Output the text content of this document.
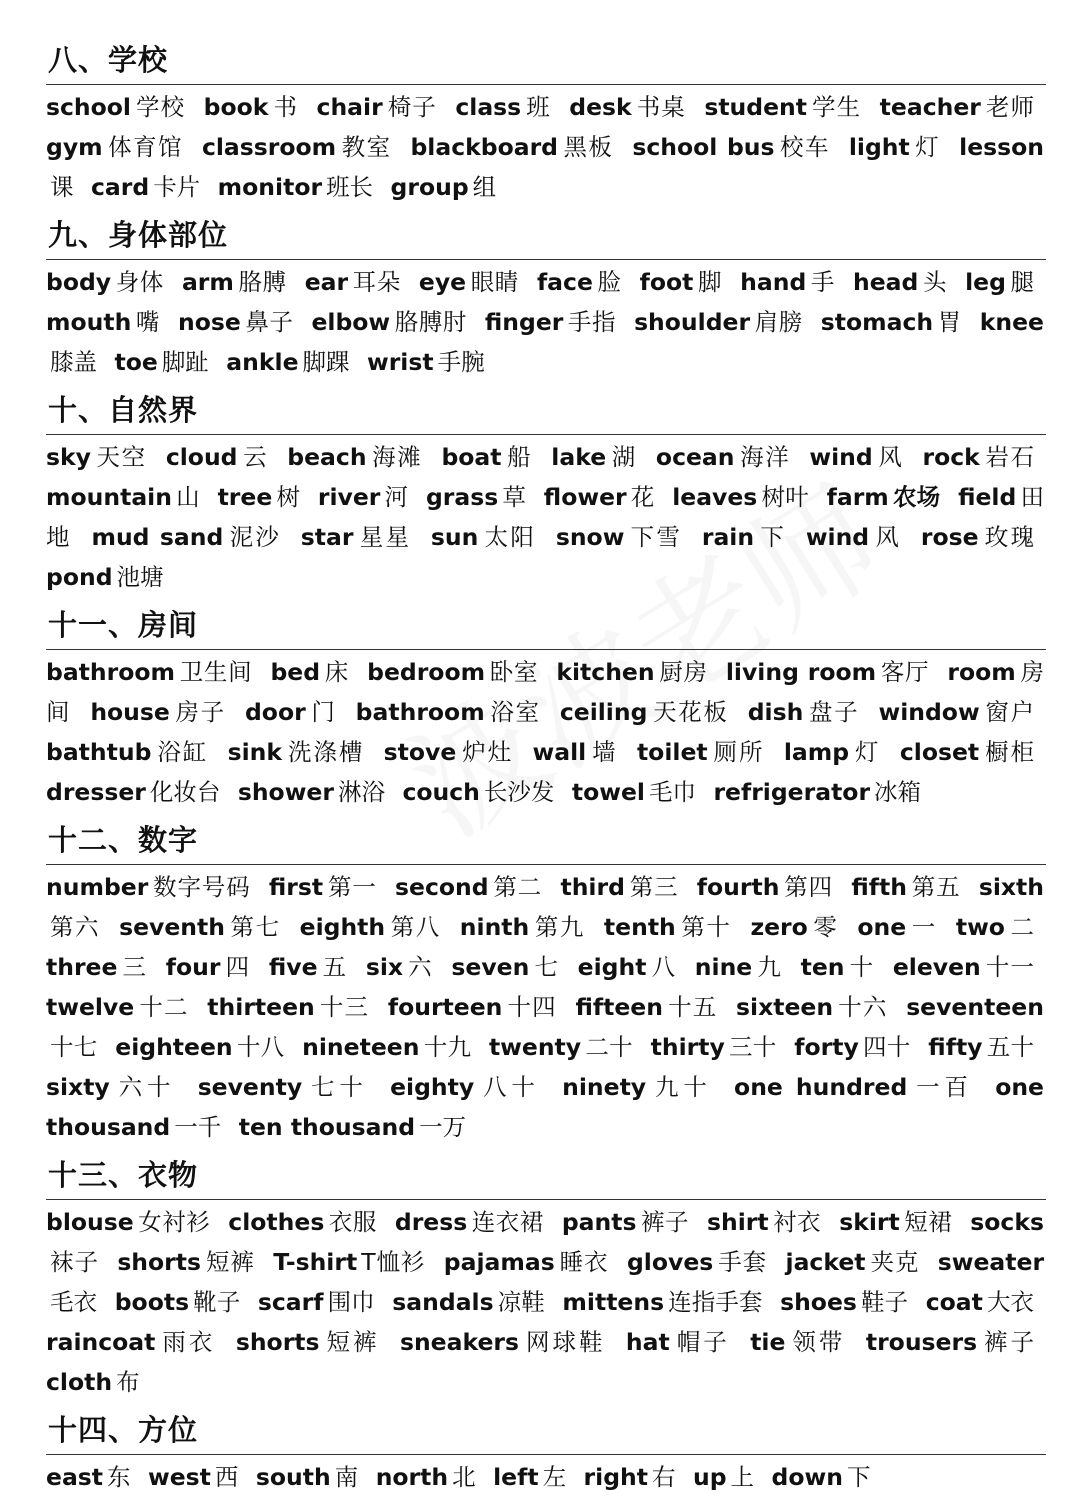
八、学校
school 学校 book 书 chair 椅子 class 班 desk 书桌 student 学生 teacher 老师 gym 体育馆 classroom 教室 blackboard 黑板 school bus 校车 light 灯 lesson课 card 卡片 monitor 班长 group 组
九、身体部位
body 身体 arm 胳膊 ear 耳朵 eye 眼睛 face 脸 foot 脚 hand 手 head 头 leg 腿 mouth 嘴 nose 鼻子 elbow 胳膊肘 finger 手指 shoulder 肩膀 stomach 胃 knee膝盖 toe 脚趾 ankle 脚踝 wrist 手腕
十、自然界
sky 天空 cloud 云 beach 海滩 boat 船 lake 湖 ocean 海洋 wind 风 rock 岩石 mountain 山 tree 树 river 河 grass 草 flower 花 leaves 树叶 farm 农场 field 田地 mud sand 泥沙 star 星星 sun 太阳 snow 下雪 rain 下 wind 风 rose 玫瑰 pond 池塘
十一、房间
bathroom 卫生间 bed 床 bedroom 卧室 kitchen 厨房 living room 客厅 room 房间 house 房子 door 门 bathroom 浴室 ceiling 天花板 dish 盘子 window 窗户 bathtub 浴缸 sink 洗涤槽 stove 炉灶 wall 墙 toilet 厕所 lamp 灯 closet 橱柜 dresser 化妆台 shower 淋浴 couch 长沙发 towel 毛巾 refrigerator 冰箱
十二、数字
number 数字号码 first 第一 second 第二 third 第三 fourth 第四 fifth 第五 sixth第六 seventh 第七 eighth 第八 ninth 第九 tenth 第十 zero 零 one 一 two 二 three 三 four 四 five 五 six 六 seven 七 eight 八 nine 九 ten 十 eleven 十一 twelve 十二 thirteen 十三 fourteen 十四 fifteen 十五 sixteen 十六 seventeen十七 eighteen 十八 nineteen 十九 twenty 二十 thirty 三十 forty 四十 fifty 五十 sixty 六十 seventy 七十 eighty 八十 ninety 九十 one hundred 一百 one thousand 一千 ten thousand 一万
十三、衣物
blouse 女衬衫 clothes 衣服 dress 连衣裙 pants 裤子 shirt 衬衣 skirt 短裙 socks袜子 shorts 短裤 T-shirt T恤衫 pajamas 睡衣 gloves 手套 jacket 夹克 sweater毛衣 boots 靴子 scarf 围巾 sandals 凉鞋 mittens 连指手套 shoes 鞋子 coat 大衣 raincoat 雨衣 shorts 短裤 sneakers 网球鞋 hat 帽子 tie 领带 trousers 裤子 cloth 布
十四、方位
east 东 west 西 south 南 north 北 left 左 right 右 up 上 down 下
